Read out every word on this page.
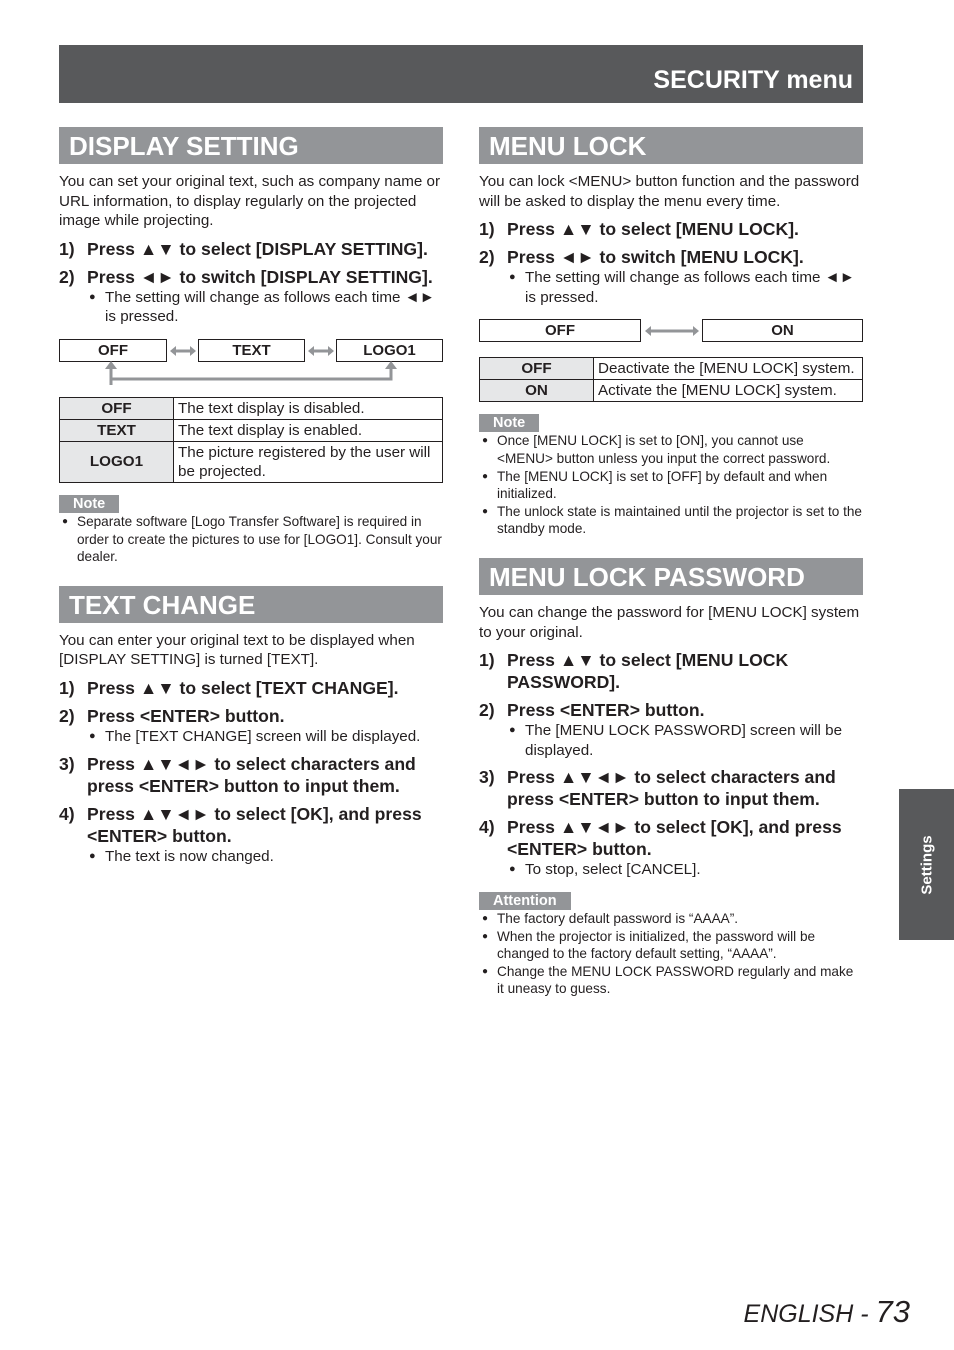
SECURITY menu
DISPLAY SETTING

You can set your original text, such as company name or URL information, to display regularly on the projected image while projecting.

1) Press ▲▼ to select [DISPLAY SETTING].
2) Press ◄► to switch [DISPLAY SETTING].
● The setting will change as follows each time ◄► is pressed.
OFF	TEXT	LOGO1
OFF	The text display is disabled.
TEXT	The text display is enabled.
LOGO1	The picture registered by the user will be projected.
Note
● Separate software [Logo Transfer Software] is required in order to create the pictures to use for [LOGO1]. Consult your dealer.
TEXT CHANGE

You can enter your original text to be displayed when [DISPLAY SETTING] is turned [TEXT].

1) Press ▲▼ to select [TEXT CHANGE].
2) Press <ENTER> button.
● The [TEXT CHANGE] screen will be displayed.
3) Press ▲▼◄► to select characters and press <ENTER> button to input them.
4) Press ▲▼◄► to select [OK], and press <ENTER> button.
● The text is now changed.
MENU LOCK

You can lock <MENU> button function and the password will be asked to display the menu every time.

1) Press ▲▼ to select [MENU LOCK].
2) Press ◄► to switch [MENU LOCK].
● The setting will change as follows each time ◄► is pressed.
OFF	ON
OFF	Deactivate the [MENU LOCK] system.
ON	Activate the [MENU LOCK] system.
Note
● Once [MENU LOCK] is set to [ON], you cannot use <MENU> button unless you input the correct password.
● The [MENU LOCK] is set to [OFF] by default and when initialized.
● The unlock state is maintained until the projector is set to the standby mode.
MENU LOCK PASSWORD

You can change the password for [MENU LOCK] system to your original.

1) Press ▲▼ to select [MENU LOCK PASSWORD].
2) Press <ENTER> button.
● The [MENU LOCK PASSWORD] screen will be displayed.
3) Press ▲▼◄► to select characters and press <ENTER> button to input them.
4) Press ▲▼◄► to select [OK], and press <ENTER> button.
● To stop, select [CANCEL].
Attention
● The factory default password is “AAAA”.
● When the projector is initialized, the password will be changed to the factory default setting, “AAAA”.
● Change the MENU LOCK PASSWORD regularly and make it uneasy to guess.
Settings
ENGLISH - 73
